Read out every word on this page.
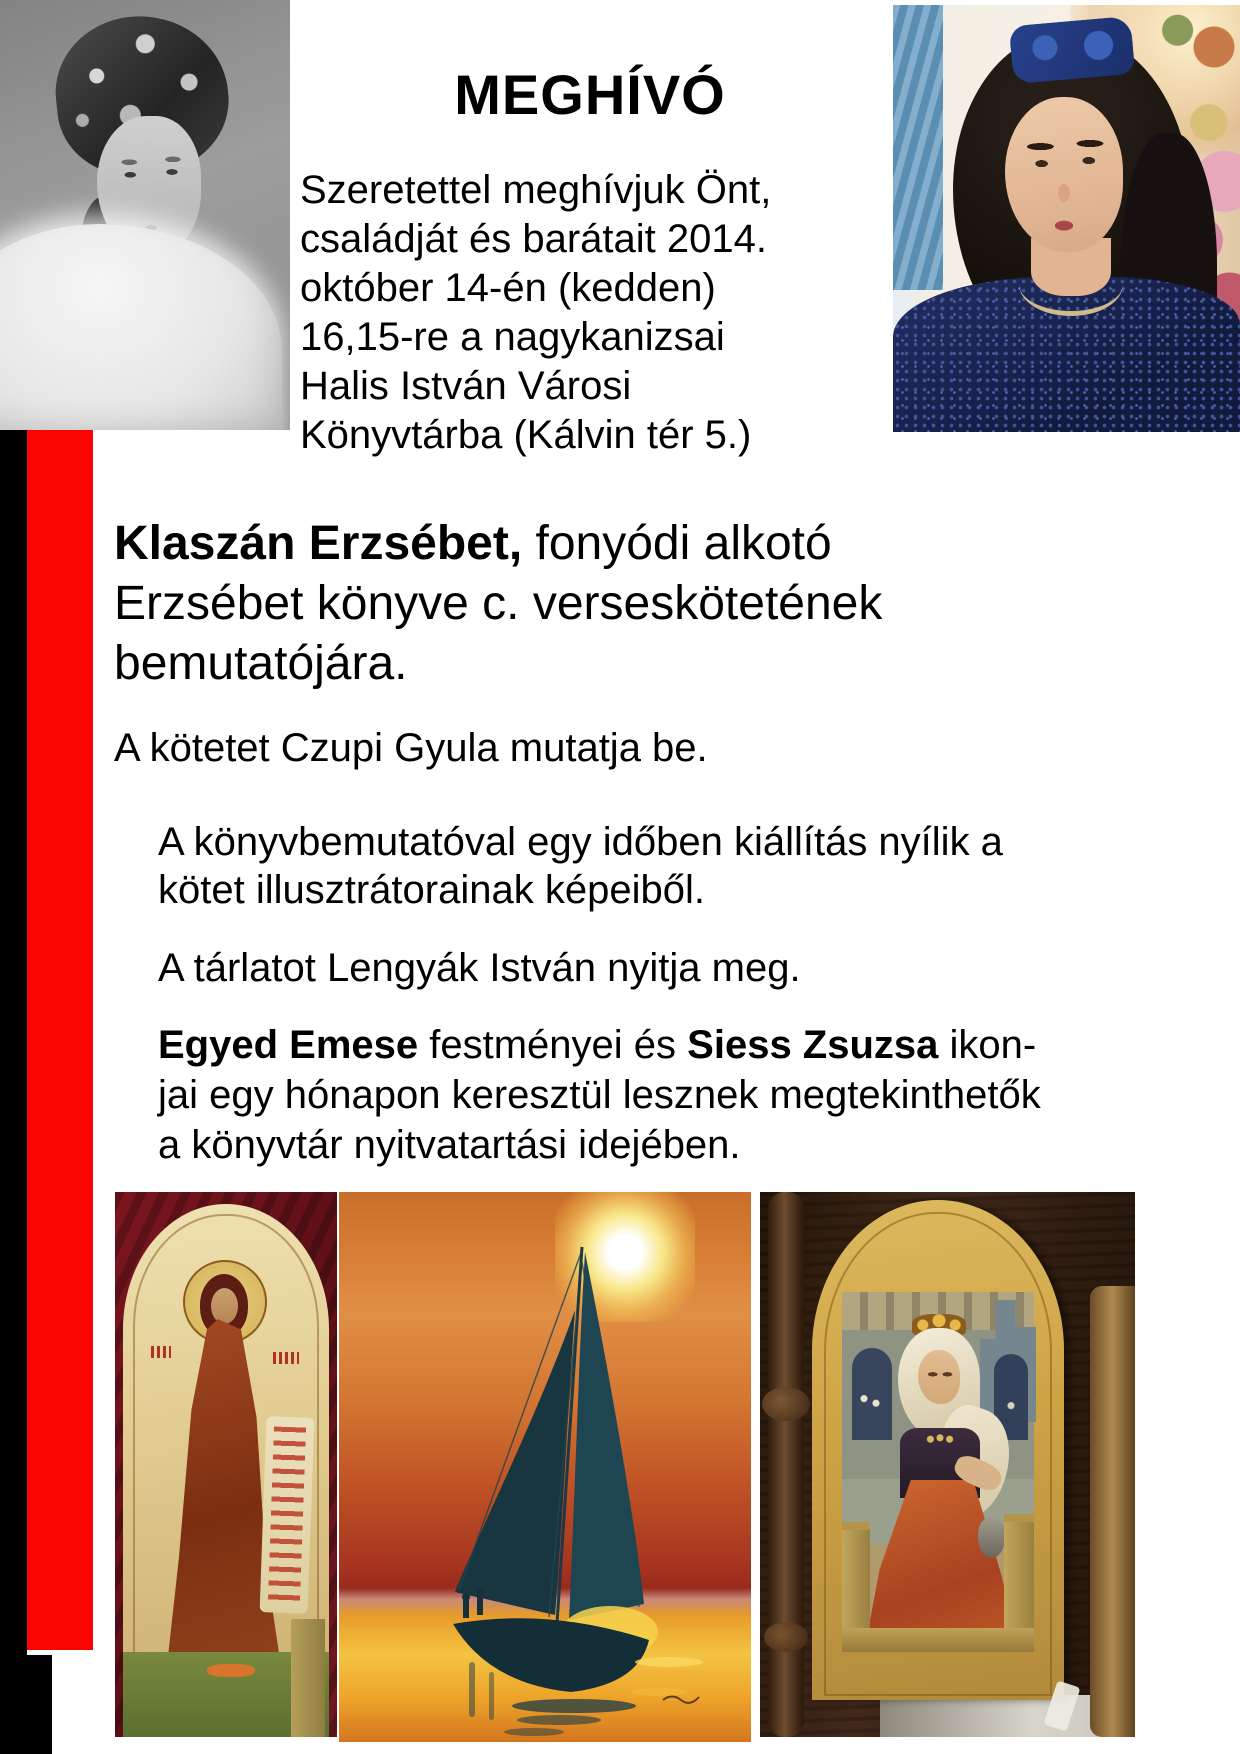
MEGHÍVÓ
Szeretettel meghívjuk Önt,
családját és barátait 2014.
október 14-én (kedden)
16,15-re a nagykanizsai
Halis István Városi
Könyvtárba (Kálvin tér 5.)
Klaszán Erzsébet, fonyódi alkotó
Erzsébet könyve c. verseskötetének
bemutatójára.
A kötetet Czupi Gyula mutatja be.
A könyvbemutatóval egy időben kiállítás nyílik a
kötet illusztrátorainak képeiből.
A tárlatot Lengyák István nyitja meg.
Egyed Emese festményei és Siess Zsuzsa ikon-
jai egy hónapon keresztül lesznek megtekinthetők
a könyvtár nyitvatartási idejében.
